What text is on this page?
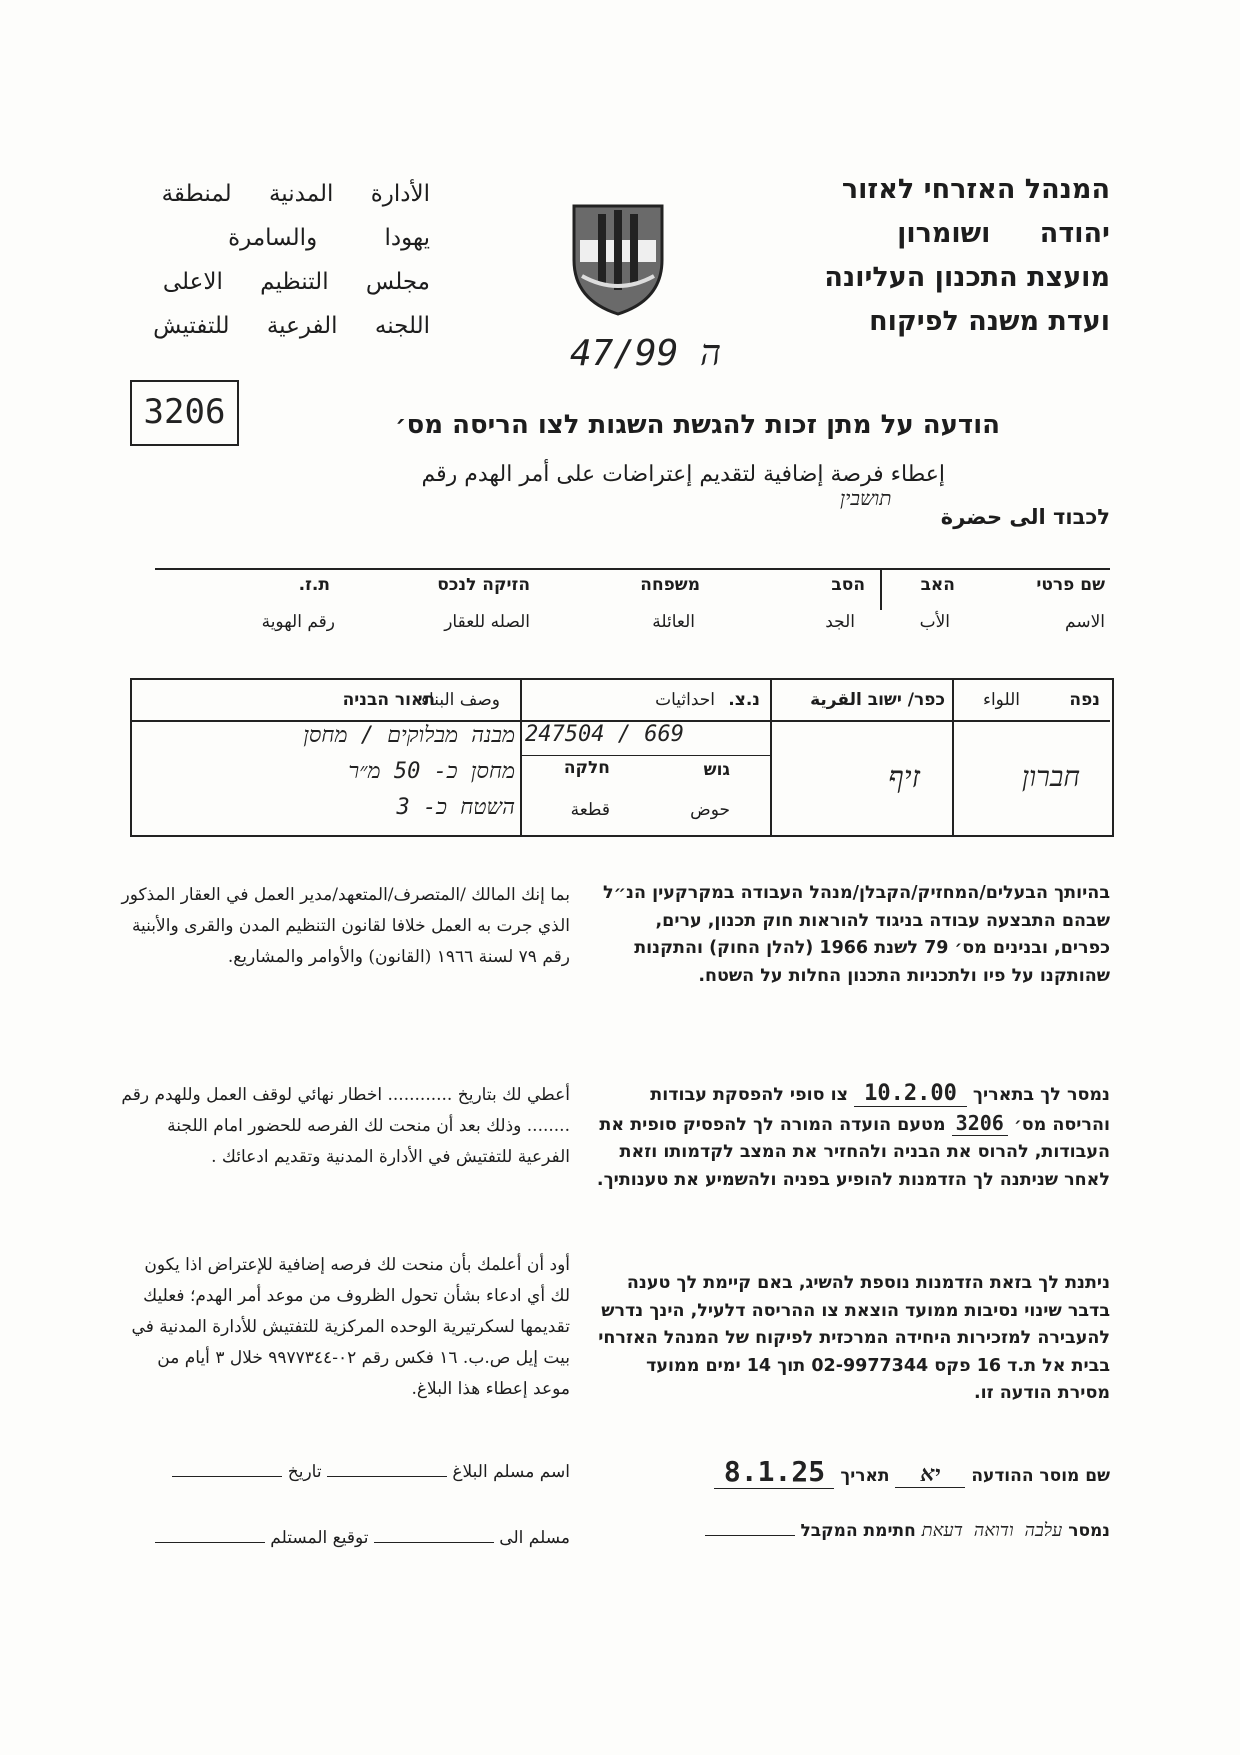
המנהל האזרחי לאזור
יהודה ושומרון
מועצת התכנון העליונה
ועדת משנה לפיקוח
الأدارة المدنية لمنطقة
يهودا والسامرة
مجلس التنظيم الاعلى
اللجنه الفرعية للتفتيش
ה 47/99
3206	הודעה על מתן זכות להגשת השגות לצו הריסה מס׳
إعطاء فرصة إضافية لتقديم إعتراضات على أمر الهدم رقم
לכבוד الى حضرة
תושבין
שם פרטי
האב
הסב
משפחה
הזיקה לנכס
ת.ז.
الاسم
الأب
الجد
العائلة
الصله للعقار
رقم الهوية
נפה
اللواء
חברון
כפר/ ישוב القرية
זיף
נ.צ.
احداثيات
247504 / 669
גוש
חלקה
حوض
قطعة
תאור הבניה
وصف البناء
מבנה מבלוקים / מחסן
מחסן כ- 50 מ״ר
השטח כ- 3
בהיותך הבעלים/המחזיק/הקבלן/מנהל העבודה במקרקעין הנ״ל שבהם התבצעה עבודה בניגוד להוראות חוק תכנון, ערים, כפרים, ובנינים מס׳ 79 לשנת 1966 (להלן החוק) והתקנות שהותקנו על פיו ולתכניות התכנון החלות על השטח.
נמסר לך בתאריך 10.2.00 צו סופי להפסקת עבודות והריסה מס׳ 3206 מטעם הועדה המורה לך להפסיק סופית את העבודות, להרוס את הבניה ולהחזיר את המצב לקדמותו וזאת לאחר שניתנה לך הזדמנות להופיע בפניה ולהשמיע את טענותיך.
ניתנת לך בזאת הזדמנות נוספת להשיג, באם קיימת לך טענה בדבר שינוי נסיבות ממועד הוצאת צו ההריסה דלעיל, הינך נדרש להעבירה למזכירות היחידה המרכזית לפיקוח של המנהל האזרחי בבית אל ת.ד 16 פקס 02-9977344 תוך 14 ימים ממועד מסירת הודעה זו.
שם מוסר ההודעה יא תאריך 8.1.25
נמסר עלבה ודואה דעאת חתימת המקבל
بما إنك المالك /المتصرف/المتعهد/مدير العمل في العقار المذكور الذي جرت به العمل خلافا لقانون التنظيم المدن والقرى والأبنية رقم ٧٩ لسنة ١٩٦٦ (القانون) والأوامر والمشاريع.
أعطي لك بتاريخ ............ اخطار نهائي لوقف العمل وللهدم رقم ........ وذلك بعد أن منحت لك الفرصه للحضور امام اللجنة الفرعية للتفتيش في الأدارة المدنية وتقديم ادعائك .
أود أن أعلمك بأن منحت لك فرصه إضافية للإعتراض اذا يكون لك أي ادعاء بشأن تحول الظروف من موعد أمر الهدم؛ فعليك تقديمها لسكرتيرية الوحده المركزية للتفتيش للأدارة المدنية في بيت إيل ص.ب. ١٦ فكس رقم ٠٢-٩٩٧٧٣٤٤ خلال ٣ أيام من موعد إعطاء هذا البلاغ.
اسم مسلم البلاغ  تاريخ
مسلم الى  توقيع المستلم
